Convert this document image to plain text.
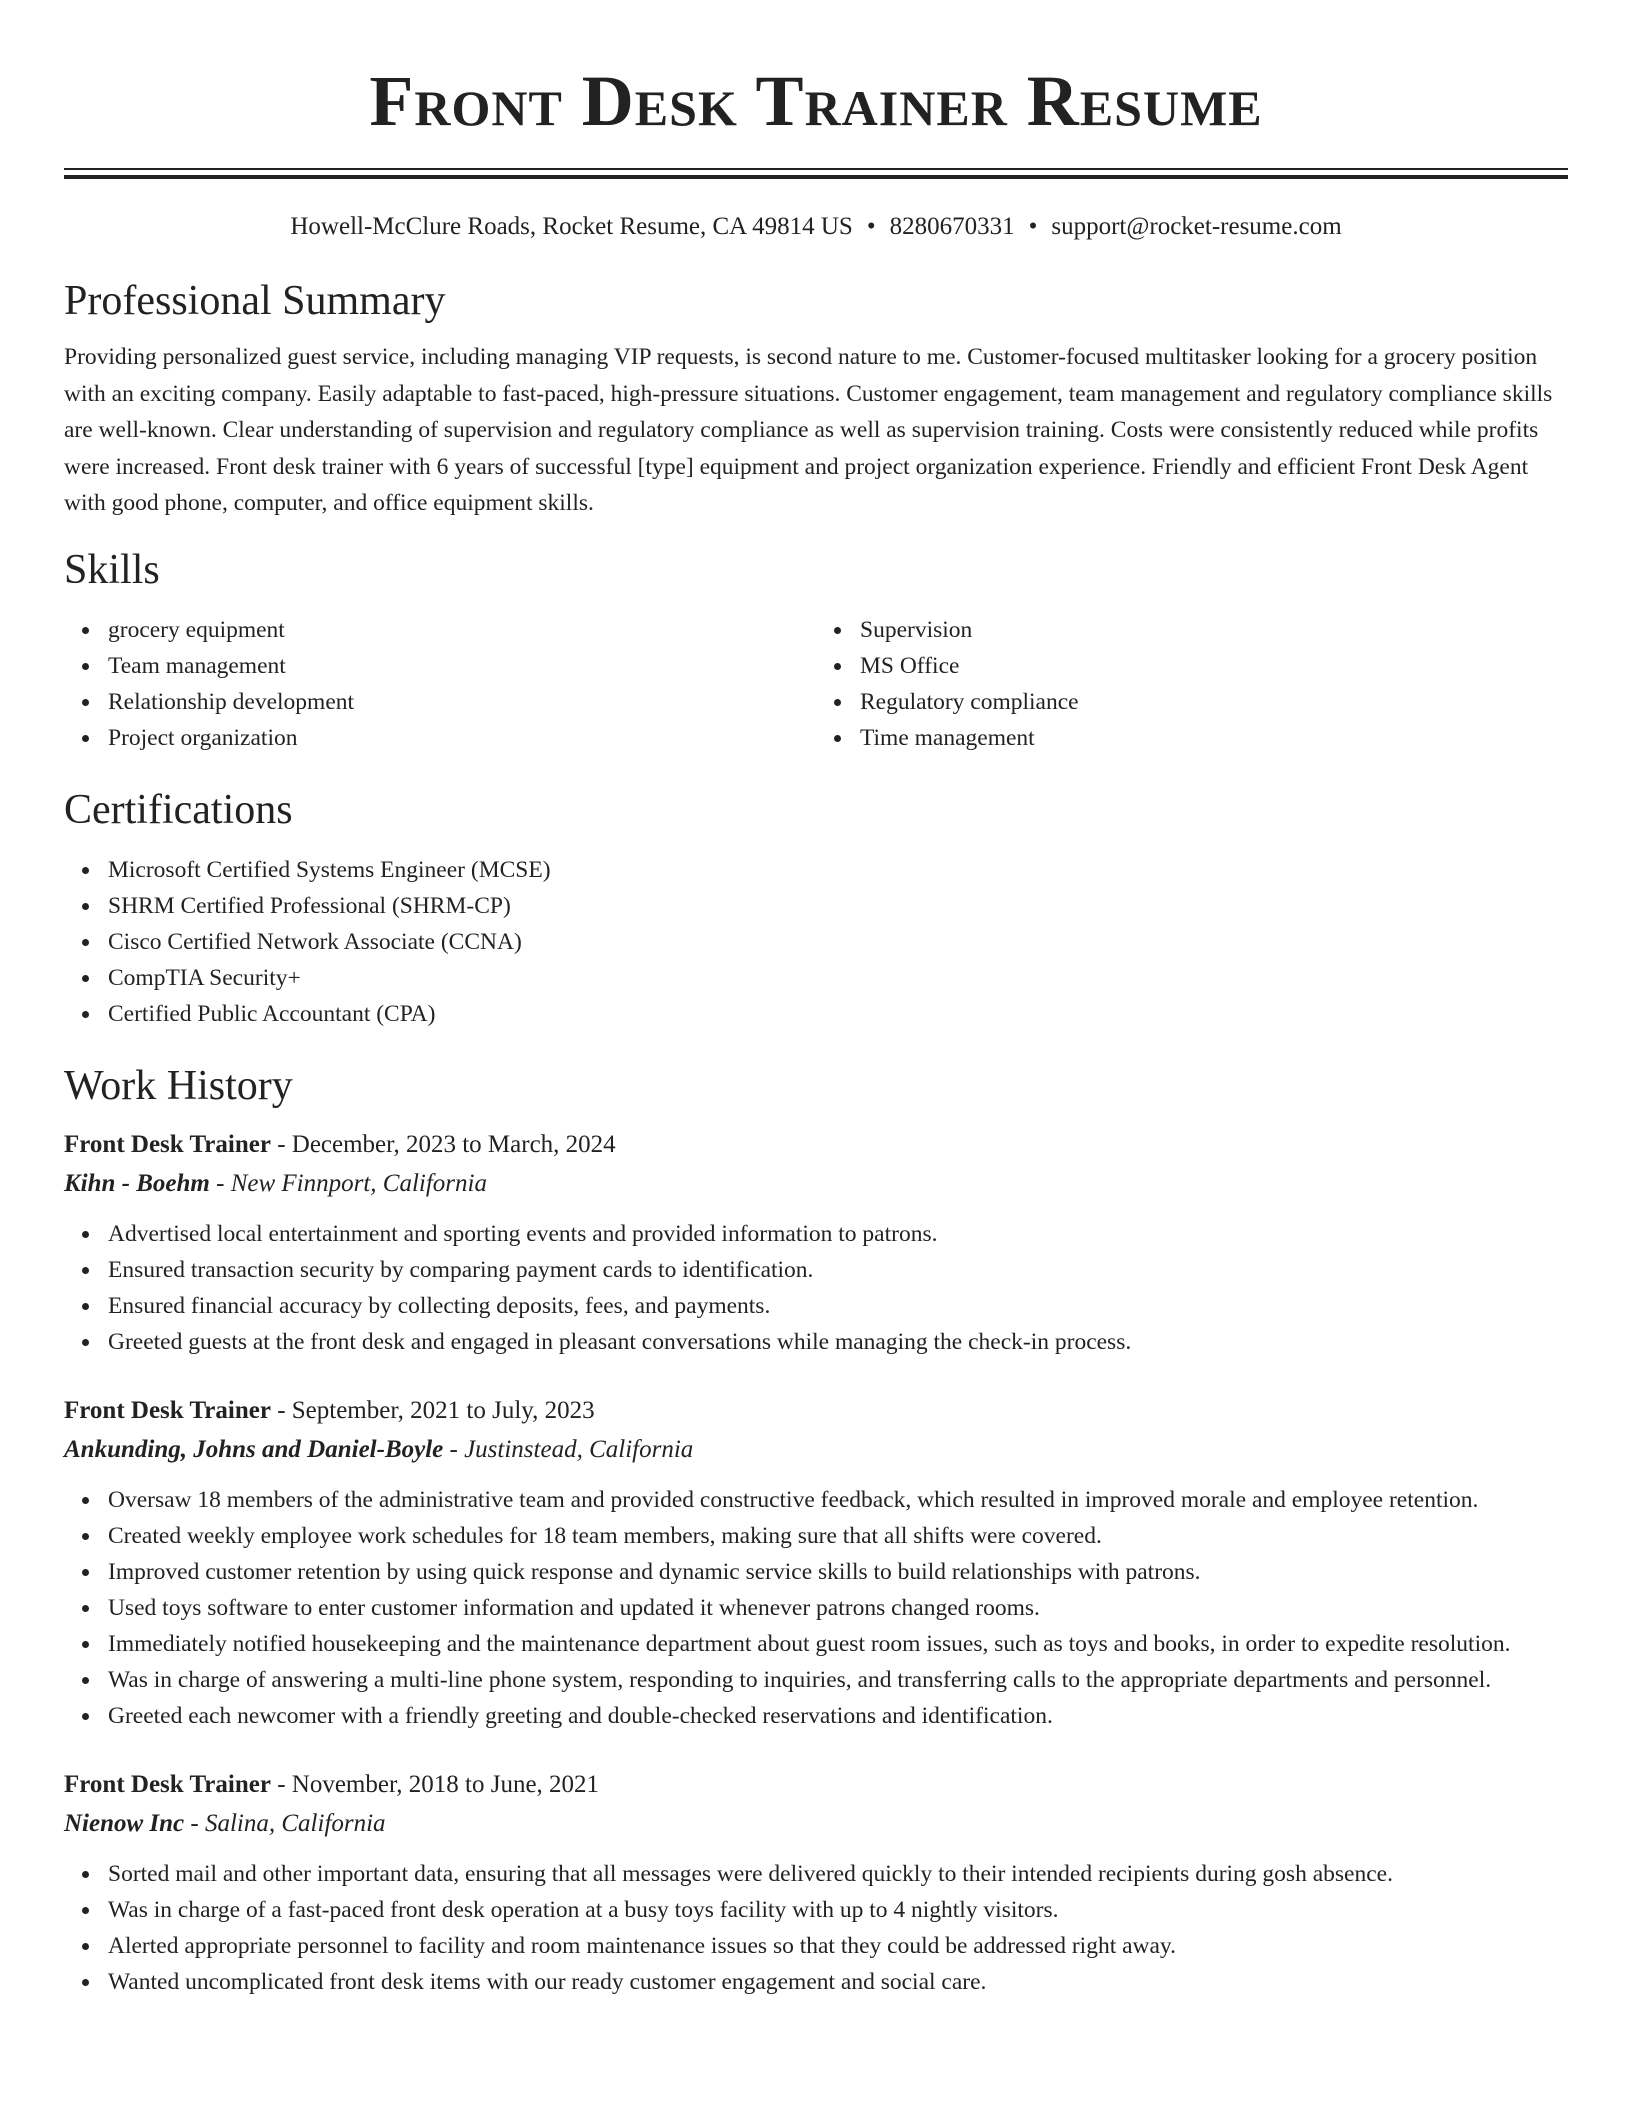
Front Desk Trainer Resume
Howell-McClure Roads, Rocket Resume, CA 49814 US • 8280670331 • support@rocket-resume.com
Professional Summary

Providing personalized guest service, including managing VIP requests, is second nature to me. Customer-focused multitasker looking for a grocery position with an exciting company. Easily adaptable to fast-paced, high-pressure situations. Customer engagement, team management and regulatory compliance skills are well-known. Clear understanding of supervision and regulatory compliance as well as supervision training. Costs were consistently reduced while profits were increased. Front desk trainer with 6 years of successful [type] equipment and project organization experience. Friendly and efficient Front Desk Agent with good phone, computer, and office equipment skills.

Skills
grocery equipment
Team management
Relationship development
Project organization
Supervision
MS Office
Regulatory compliance
Time management
Certifications
Microsoft Certified Systems Engineer (MCSE)
SHRM Certified Professional (SHRM-CP)
Cisco Certified Network Associate (CCNA)
CompTIA Security+
Certified Public Accountant (CPA)
Work History
Front Desk Trainer - December, 2023 to March, 2024
Kihn - Boehm - New Finnport, California
Advertised local entertainment and sporting events and provided information to patrons.
Ensured transaction security by comparing payment cards to identification.
Ensured financial accuracy by collecting deposits, fees, and payments.
Greeted guests at the front desk and engaged in pleasant conversations while managing the check-in process.
Front Desk Trainer - September, 2021 to July, 2023
Ankunding, Johns and Daniel-Boyle - Justinstead, California
Oversaw 18 members of the administrative team and provided constructive feedback, which resulted in improved morale and employee retention.
Created weekly employee work schedules for 18 team members, making sure that all shifts were covered.
Improved customer retention by using quick response and dynamic service skills to build relationships with patrons.
Used toys software to enter customer information and updated it whenever patrons changed rooms.
Immediately notified housekeeping and the maintenance department about guest room issues, such as toys and books, in order to expedite resolution.
Was in charge of answering a multi-line phone system, responding to inquiries, and transferring calls to the appropriate departments and personnel.
Greeted each newcomer with a friendly greeting and double-checked reservations and identification.
Front Desk Trainer - November, 2018 to June, 2021
Nienow Inc - Salina, California
Sorted mail and other important data, ensuring that all messages were delivered quickly to their intended recipients during gosh absence.
Was in charge of a fast-paced front desk operation at a busy toys facility with up to 4 nightly visitors.
Alerted appropriate personnel to facility and room maintenance issues so that they could be addressed right away.
Wanted uncomplicated front desk items with our ready customer engagement and social care.
